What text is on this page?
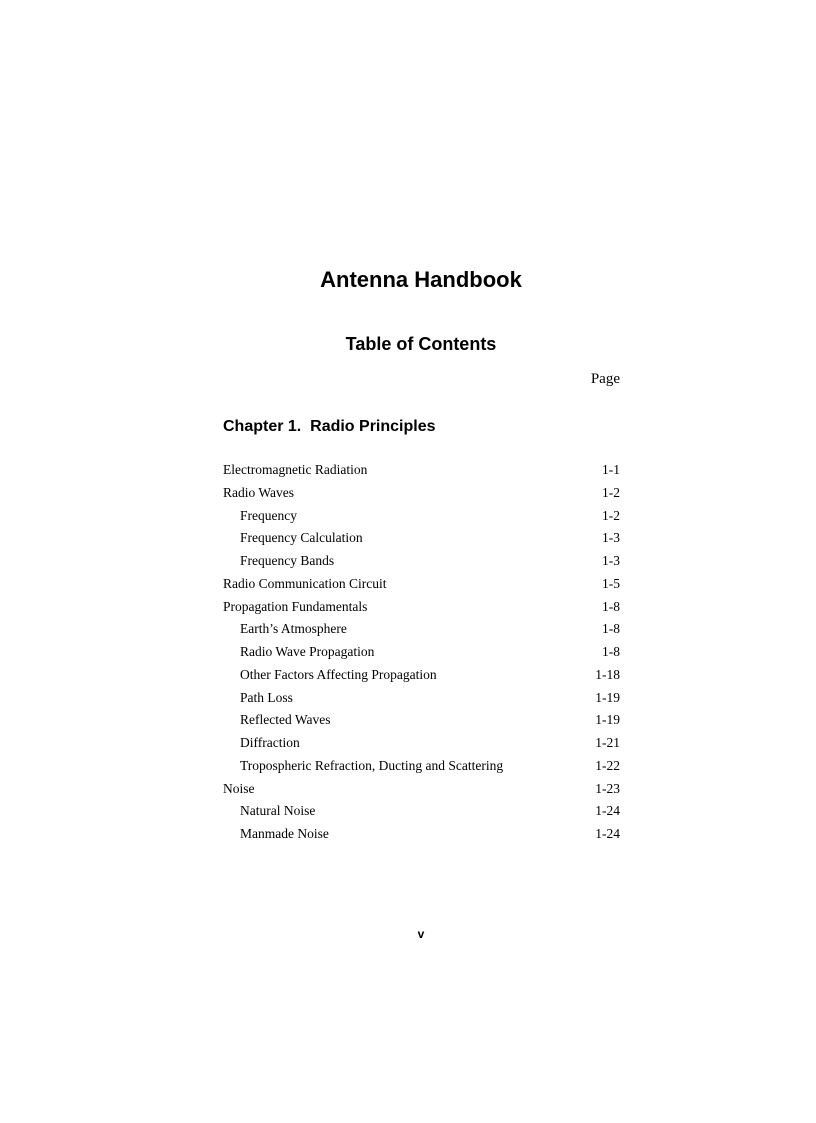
Antenna Handbook
Table of Contents
Page
Chapter 1.  Radio Principles
Electromagnetic Radiation	1-1
Radio Waves	1-2
Frequency	1-2
Frequency Calculation	1-3
Frequency Bands	1-3
Radio Communication Circuit	1-5
Propagation Fundamentals	1-8
Earth’s Atmosphere	1-8
Radio Wave Propagation	1-8
Other Factors Affecting Propagation	1-18
Path Loss	1-19
Reflected Waves	1-19
Diffraction	1-21
Tropospheric Refraction, Ducting and Scattering	1-22
Noise	1-23
Natural Noise	1-24
Manmade Noise	1-24
v
